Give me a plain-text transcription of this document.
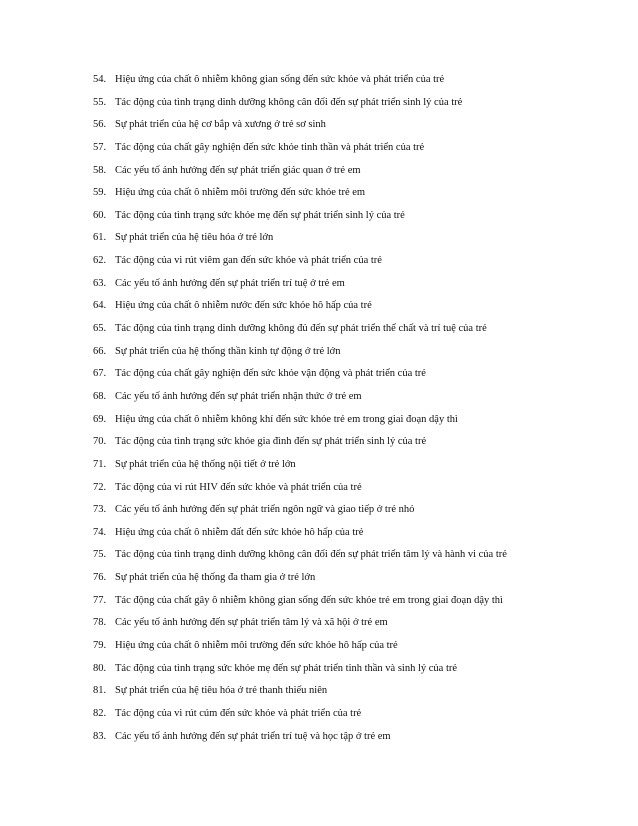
54. Hiệu ứng của chất ô nhiễm không gian sống đến sức khỏe và phát triển của trẻ
55. Tác động của tình trạng dinh dưỡng không cân đối đến sự phát triển sinh lý của trẻ
56. Sự phát triển của hệ cơ bắp và xương ở trẻ sơ sinh
57. Tác động của chất gây nghiện đến sức khỏe tinh thần và phát triển của trẻ
58. Các yếu tố ảnh hưởng đến sự phát triển giác quan ở trẻ em
59. Hiệu ứng của chất ô nhiễm môi trường đến sức khỏe trẻ em
60. Tác động của tình trạng sức khỏe mẹ đến sự phát triển sinh lý của trẻ
61. Sự phát triển của hệ tiêu hóa ở trẻ lớn
62. Tác động của vi rút viêm gan đến sức khỏe và phát triển của trẻ
63. Các yếu tố ảnh hưởng đến sự phát triển trí tuệ ở trẻ em
64. Hiệu ứng của chất ô nhiễm nước đến sức khỏe hô hấp của trẻ
65. Tác động của tình trạng dinh dưỡng không đủ đến sự phát triển thể chất và trí tuệ của trẻ
66. Sự phát triển của hệ thống thần kinh tự động ở trẻ lớn
67. Tác động của chất gây nghiện đến sức khỏe vận động và phát triển của trẻ
68. Các yếu tố ảnh hưởng đến sự phát triển nhận thức ở trẻ em
69. Hiệu ứng của chất ô nhiễm không khí đến sức khỏe trẻ em trong giai đoạn dậy thì
70. Tác động của tình trạng sức khỏe gia đình đến sự phát triển sinh lý của trẻ
71. Sự phát triển của hệ thống nội tiết ở trẻ lớn
72. Tác động của vi rút HIV đến sức khỏe và phát triển của trẻ
73. Các yếu tố ảnh hưởng đến sự phát triển ngôn ngữ và giao tiếp ở trẻ nhỏ
74. Hiệu ứng của chất ô nhiễm đất đến sức khỏe hô hấp của trẻ
75. Tác động của tình trạng dinh dưỡng không cân đối đến sự phát triển tâm lý và hành vi của trẻ
76. Sự phát triển của hệ thống đa tham gia ở trẻ lớn
77. Tác động của chất gây ô nhiễm không gian sống đến sức khỏe trẻ em trong giai đoạn dậy thì
78. Các yếu tố ảnh hưởng đến sự phát triển tâm lý và xã hội ở trẻ em
79. Hiệu ứng của chất ô nhiễm môi trường đến sức khỏe hô hấp của trẻ
80. Tác động của tình trạng sức khỏe mẹ đến sự phát triển tinh thần và sinh lý của trẻ
81. Sự phát triển của hệ tiêu hóa ở trẻ thanh thiếu niên
82. Tác động của vi rút cúm đến sức khỏe và phát triển của trẻ
83. Các yếu tố ảnh hưởng đến sự phát triển trí tuệ và học tập ở trẻ em
